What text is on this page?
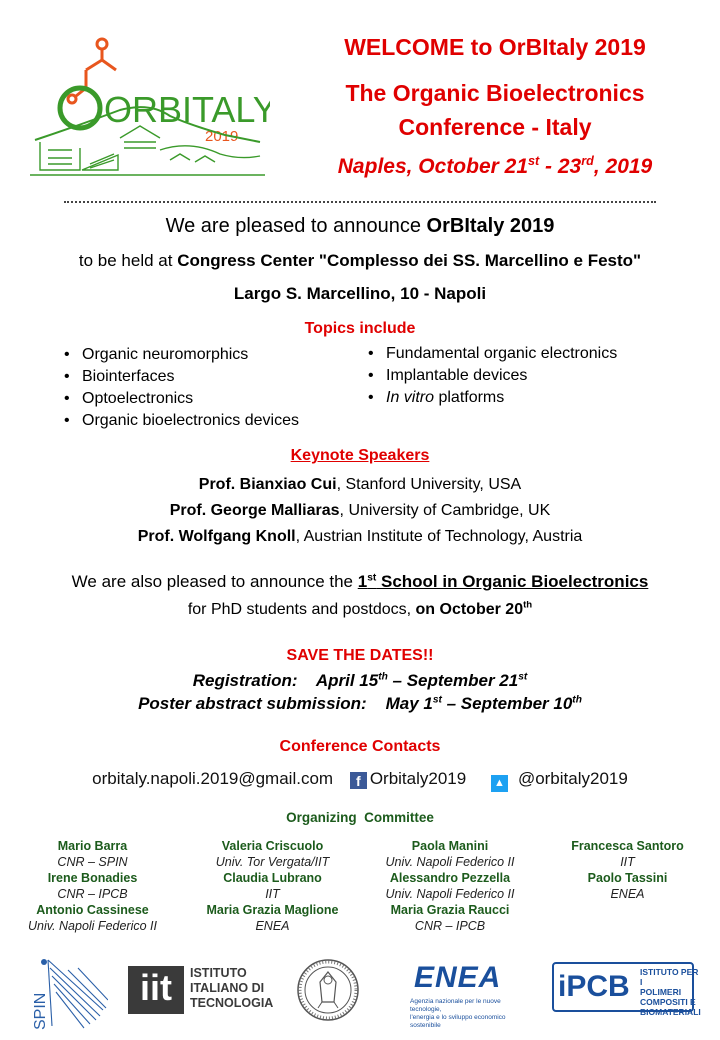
ORBITALY
2019
WELCOME to OrBItaly 2019
The Organic Bioelectronics
Conference - Italy
Naples, October 21st - 23rd, 2019
We are pleased to announce OrBItaly 2019
to be held at Congress Center "Complesso dei SS. Marcellino e Festo"
Largo S. Marcellino, 10 - Napoli
Topics include
• Organic neuromorphics
• Biointerfaces
• Optoelectronics
• Organic bioelectronics devices
• Fundamental organic electronics
• Implantable devices
• In vitro platforms
Keynote Speakers
Prof. Bianxiao Cui, Stanford University, USA
Prof. George Malliaras, University of Cambridge, UK
Prof. Wolfgang Knoll, Austrian Institute of Technology, Austria
We are also pleased to announce the 1st School in Organic Bioelectronics
for PhD students and postdocs, on October 20th
SAVE THE DATES!!
Registration:    April 15th – September 21st
Poster abstract submission:    May 1st – September 10th
Conference Contacts
orbitaly.napoli.2019@gmail.com f Orbitaly2019	▲ @orbitaly2019
Organizing  Committee
Mario Barra
CNR – SPIN
Irene Bonadies
CNR – IPCB
Antonio Cassinese
Univ. Napoli Federico II
Valeria Criscuolo
Univ. Tor Vergata/IIT
Claudia Lubrano
IIT
Maria Grazia Maglione
ENEA
Paola Manini
Univ. Napoli Federico II
Alessandro Pezzella
Univ. Napoli Federico II
Maria Grazia Raucci
CNR – IPCB
Francesca Santoro
IIT
Paolo Tassini
ENEA
SPIN
iit	ISTITUTO
ITALIANO DI
TECNOLOGIA
ENEA
Agenzia nazionale per le nuove tecnologie,
l'energia e lo sviluppo economico sostenibile
iPCB ISTITUTO PER I
POLIMERI
COMPOSITI E
BIOMATERIALI
